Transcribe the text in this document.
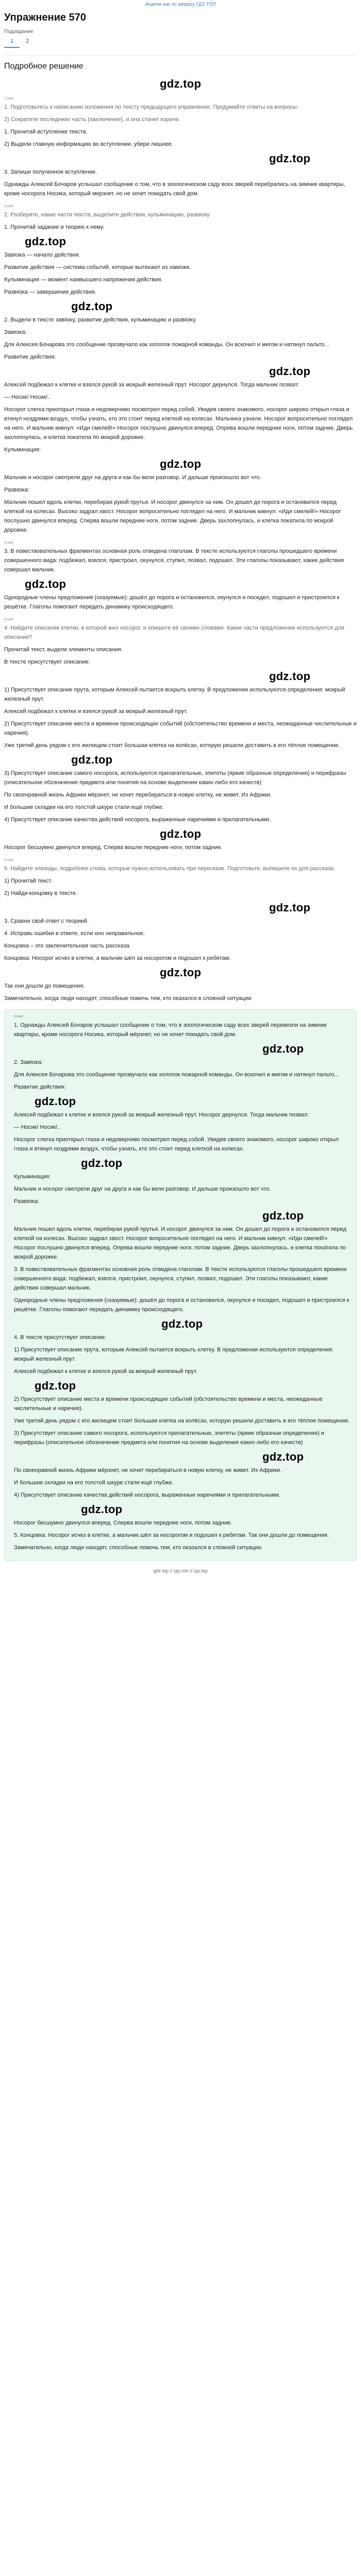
Ищете нас по запросу ГДЗ ТОП
Упражнение 570
Подзадание
1	2
Подробное решение
gdz.top
1 шаг

1. Подготовьтесь к написанию изложения по тексту предыдущего упражнения. Продумайте ответы на вопросы.

2) Сократите последнюю часть (заключение), и она станет короче.

1. Прочитай вступление текста.

2) Выдели главную информацию во вступлении, убери лишнее.

gdz.top

3. Запиши полученное вступление.

Однажды Алексей Бочаров услышал сообщение о том, что в зоологическом саду всех зверей перебрались на зимние квартиры, кроме носорога Носика, который мерзнет, но не хочет покидать свой дом.

2 шаг

2. Разберите, какие части текста, выделите действия, кульминацию, развязку

1. Прочитай задание и теорию к нему.

gdz.top

Завязка — начало действия.

Развитие действия — система событий, которые вытекают из завязки.

Кульминация — момент наивысшего напряжения действия.

Развязка — завершение действия.

gdz.top

2. Выдели в тексте завязку, развитие действия, кульминацию и развязку.

Завязка:

Для Алексея Бочарова это сообщение прозвучало как холопок пожарной команды. Он вскочил и мигом и натянул пальто...

Развитие действия:

gdz.top

Алексей подбежал к клетке и взялся рукой за мокрый железный прут. Носорог дернулся. Тогда мальчик позвал:

— Носик! Носик!..

Носорог слегка приоткрыл глаза и недоверчиво посмотрел перед собой. Увидев своего знакомого, носорог широко открыл глаза и втянул ноздрями воздух, чтобы узнать, кто это стоит перед клеткой на колесах. Мальчика узнали. Носорог вопросительно поглядел на него. И мальчик кивнул: «Иди смелей!» Носорог послушно двинулся вперед. Опрева вошли передние ноги, потом задние. Дверь захлопнулась, и клетка покатила по мокрой дорожке.

Кульминация:

gdz.top

Мальчик и носорог смотрели друг на друга и как бы вели разговор. И дальше произошло вот что.

Развязка:

Мальчик пошел вдоль клетки, перебирая рукой прутья. И носорог двинулся за ним. Он дошел до порога и остановился перед клеткой на колесах. Высоко задрал хвост. Носорог вопросительно поглядел на него. И мальчик кивнул: «Иди смелей!» Носорог послушно двинулся вперед. Сперва вошли передние ноги, потом задние. Дверь захлопнулась, и клетка покатила по мокрой дорожке.

3 шаг

3. В повествовательных фрагментах основная роль отведена глаголам. В тексте используются глаголы прошедшего времени совершенного вида: подбежал, взялся, пристроил, окунулся, ступил, позвал, подошел. Эти глаголы показывают, какие действия совершал мальчик.

gdz.top

Однородные члены предложения (сказуемые): дошёл до порога и остановился, окунулся и посидел, подошел и пристроился к решётке. Глаголы помогают передать динамику происходящего.

4 шаг

4. Найдите описание клетки, в которой жил носорог, и опишите её своими словами. Какие части предложения используются для описания?

Прочитай текст, выдели элементы описания.

В тексте присутствует описание:

gdz.top

1) Присутствует описание прута, которым Алексей пытается вскрыть клетку. В предложении используются определения: мокрый железный прут.

Алексей подбежал к клетке и взялся рукой за мокрый железный прут.

2) Присутствует описание места и времени происходящих событий (обстоятельство времени и места, неожиданные числительные и наречия).

Уже третий день рядом с его жилищем стоит большая клетка на колёсах, которую решили доставить в его тёплое помещение.

gdz.top

3) Присутствует описание самого носорога, используются прилагательные, эпитеты (яркие образные определения) и перифразы (описательное обозначение предмета или понятия на основе выделения каких-либо его качеств)

По своенравной жизнь Африки мёрзнет, не хочет перебираться в новую клетку, не живет. Из Африки.

И большие складки на его толстой шкуре стали ещё глубже.

4) Присутствует описание качества действий носорога, выраженные наречиями и прилагательными.

gdz.top

Носорог бесшумно двинулся вперед. Сперва вошли передние ноги, потом задние.

5 шаг

5. Найдите эпизоды, подробнее слова, которые нужно использовать при пересказе. Подготовьте, выпишите их для рассказа.

1) Прочитай текст.

2) Найди концовку в тексте.

gdz.top

3. Сравни свой ответ с теорией.

4. Исправь ошибки в ответе, если оно неправильное.

Концовка – это заключительная часть рассказа.

Концовка: Носорог исчез в клетке, а мальчик шёл за носорогом и подошел к ребятам.

gdz.top

Так они дошли до помещения.

Замечательно, когда люди находят, способные помочь тем, кто оказался в сложной ситуации.

Ответ

1. Однажды Алексей Бочаров услышал сообщение о том, что в зоологическом саду всех зверей перевезли на зимние квартиры, кроме носорога Носика, который мёрзнет, но не хочет покидать свой дом.

gdz.top

2. Завязка:

Для Алексея Бочарова это сообщение прозвучало как холопок пожарной команды. Он вскочил и мигом и натянул пальто...

Развитие действия:

gdz.top

Алексей подбежал к клетке и взялся рукой за мокрый железный прут. Носорог дернулся. Тогда мальчик позвал:

— Носик! Носик!..

Носорог слегка приоткрыл глаза и недоверчиво посмотрел перед собой. Увидев своего знакомого, носорог широко открыл глаза и втянул ноздрями воздух, чтобы узнать, кто это стоит перед клеткой на колесах.

gdz.top

Кульминация:

Мальчик и носорог смотрели друг на друга и как бы вели разговор. И дальше произошло вот что.

Развязка:

gdz.top

Мальчик пошел вдоль клетки, перебирая рукой прутья. И носорог двинулся за ним. Он дошел до порога и остановился перед клеткой на колесах. Высоко задрал хвост. Носорог вопросительно поглядел на него. И мальчик кивнул: «Иди смелей!» Носорог послушно двинулся вперед. Опрева вошли передние ноги, потом задние. Дверь захлопнулась, и клетка покатила по мокрой дорожке.

3. В повествовательных фрагментах основная роль отведена глаголам. В тексте используются глаголы прошедшего времени совершенного вида: подбежал, взялся, пристроил, окунулся, ступил, позвал, подошел. Эти глаголы показывают, какие действия совершал мальчик.

Однородные члены предложения (сказуемые): дошёл до порога и остановился, окунулся и посидел, подошел и пристроился к решётке. Глаголы помогают передать динамику происходящего.

gdz.top

4. В тексте присутствует описание:

1) Присутствует описание прута, которым Алексей пытается вскрыть клетку. В предложении используются определения: мокрый железный прут.

Алексей подбежал к клетке и взялся рукой за мокрый железный прут.

gdz.top

2) Присутствует описание места и времени происходящих событий (обстоятельство времени и места, неожиданные числительные и наречия).

Уже третий день рядом с его жилищем стоит большая клетка на колёсах, которую решили доставить в его тёплое помещение.

3) Присутствует описание самого носорога, используются прилагательные, эпитеты (яркие образные определения) и перифразы (описательное обозначение предмета или понятия на основе выделения каких-либо его качеств)

gdz.top

По своенравной жизнь Африки мёрзнет, не хочет перебираться в новую клетку, не живет. Из Африки.

И большие складки на его толстой шкуре стали ещё глубже.

4) Присутствует описание качества действий носорога, выраженные наречиями и прилагательными.

gdz.top

Носорог бесшумно двинулся вперед. Сперва вошли передние ноги, потом задние.

5. Концовка: Носорог исчез в клетке, а мальчик шёл за носорогом и подошел к ребятам. Так они дошли до помещения.

Замечательно, когда люди находят, способные помочь тем, кто оказался в сложной ситуации.

gdz.top // гдз.топ // гдз.top
